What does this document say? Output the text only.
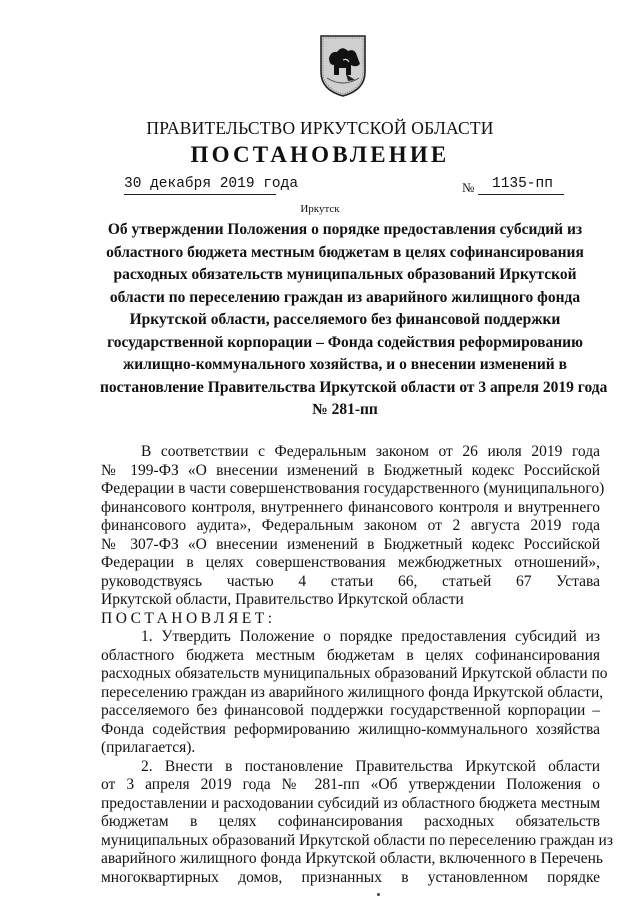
ПРАВИТЕЛЬСТВО ИРКУТСКОЙ ОБЛАСТИ
ПОСТАНОВЛЕНИЕ
30 декабря 2019 года	№ 1135-пп
Иркутск
Об утверждении Положения о порядке предоставления субсидий из
областного бюджета местным бюджетам в целях софинансирования
расходных обязательств муниципальных образований Иркутской
области по переселению граждан из аварийного жилищного фонда
Иркутской области, расселяемого без финансовой поддержки
государственной корпорации – Фонда содействия реформированию
жилищно-коммунального хозяйства, и о внесении изменений в
постановление Правительства Иркутской области от 3 апреля 2019 года
№ 281-пп
В соответствии с Федеральным законом от 26 июля 2019 года
№ 199-ФЗ «О внесении изменений в Бюджетный кодекс Российской
Федерации в части совершенствования государственного (муниципального)
финансового контроля, внутреннего финансового контроля и внутреннего
финансового аудита», Федеральным законом от 2 августа 2019 года
№ 307-ФЗ «О внесении изменений в Бюджетный кодекс Российской
Федерации в целях совершенствования межбюджетных отношений»,
руководствуясь частью 4 статьи 66, статьей 67 Устава
Иркутской области, Правительство Иркутской области
ПОСТАНОВЛЯЕТ:
1. Утвердить Положение о порядке предоставления субсидий из
областного бюджета местным бюджетам в целях софинансирования
расходных обязательств муниципальных образований Иркутской области по
переселению граждан из аварийного жилищного фонда Иркутской области,
расселяемого без финансовой поддержки государственной корпорации –
Фонда содействия реформированию жилищно-коммунального хозяйства
(прилагается).
2. Внести в постановление Правительства Иркутской области
от 3 апреля 2019 года № 281-пп «Об утверждении Положения о
предоставлении и расходовании субсидий из областного бюджета местным
бюджетам в целях софинансирования расходных обязательств
муниципальных образований Иркутской области по переселению граждан из
аварийного жилищного фонда Иркутской области, включенного в Перечень
многоквартирных домов, признанных в установленном порядке
